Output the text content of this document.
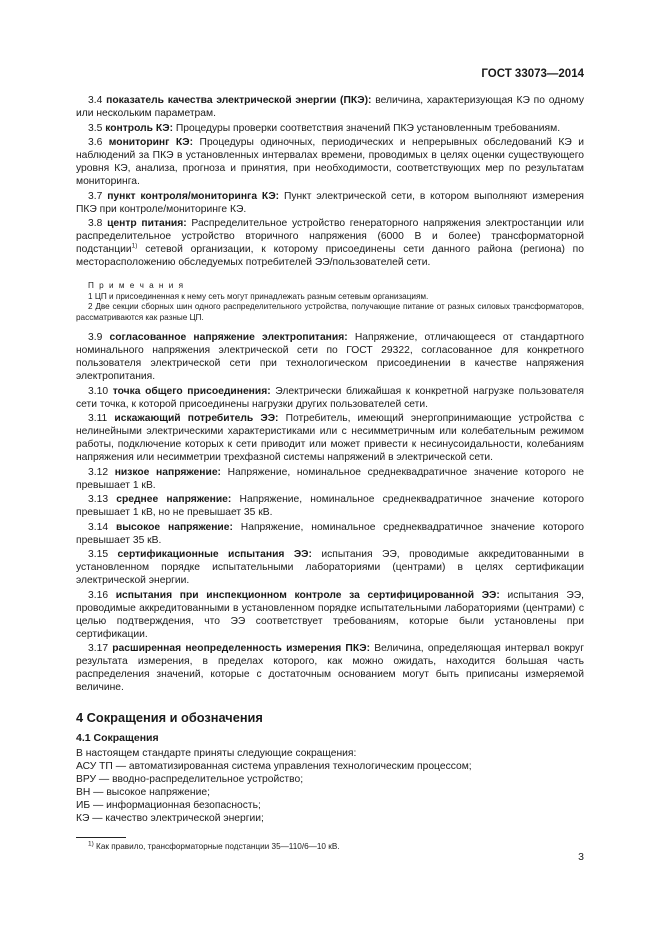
ГОСТ 33073—2014

3.4 показатель качества электрической энергии (ПКЭ): величина, характеризующая КЭ по одному или нескольким параметрам.

3.5 контроль КЭ: Процедуры проверки соответствия значений ПКЭ установленным требованиям.

3.6 мониторинг КЭ: Процедуры одиночных, периодических и непрерывных обследований КЭ и наблюдений за ПКЭ в установленных интервалах времени, проводимых в целях оценки существующего уровня КЭ, анализа, прогноза и принятия, при необходимости, соответствующих мер по результатам мониторинга.

3.7 пункт контроля/мониторинга КЭ: Пункт электрической сети, в котором выполняют измерения ПКЭ при контроле/мониторинге КЭ.

3.8 центр питания: Распределительное устройство генераторного напряжения электростанции или распределительное устройство вторичного напряжения (6000 В и более) трансформаторной подстанции$^{1)}$ сетевой организации, к которому присоединены сети данного района (региона) по месторасположению обследуемых потребителей ЭЭ/пользователей сети.

П р и м е ч а н и я

1 ЦП и присоединенная к нему сеть могут принадлежать разным сетевым организациям.

2 Две секции сборных шин одного распределительного устройства, получающие питание от разных силовых трансформаторов, рассматриваются как разные ЦП.

3.9 согласованное напряжение электропитания: Напряжение, отличающееся от стандартного номинального напряжения электрической сети по ГОСТ 29322, согласованное для конкретного пользователя электрической сети при технологическом присоединении в качестве напряжения электропитания.

3.10 точка общего присоединения: Электрически ближайшая к конкретной нагрузке пользователя сети точка, к которой присоединены нагрузки других пользователей сети.

3.11 искажающий потребитель ЭЭ: Потребитель, имеющий энергопринимающие устройства с нелинейными электрическими характеристиками или с несимметричным или колебательным режимом работы, подключение которых к сети приводит или может привести к несинусоидальности, колебаниям напряжения или несимметрии трехфазной системы напряжений в электрической сети.

3.12 низкое напряжение: Напряжение, номинальное среднеквадратичное значение которого не превышает 1 кВ.

3.13 среднее напряжение: Напряжение, номинальное среднеквадратичное значение которого превышает 1 кВ, но не превышает 35 кВ.

3.14 высокое напряжение: Напряжение, номинальное среднеквадратичное значение которого превышает 35 кВ.

3.15 сертификационные испытания ЭЭ: испытания ЭЭ, проводимые аккредитованными в установленном порядке испытательными лабораториями (центрами) в целях сертификации электрической энергии.

3.16 испытания при инспекционном контроле за сертифицированной ЭЭ: испытания ЭЭ, проводимые аккредитованными в установленном порядке испытательными лабораториями (центрами) с целью подтверждения, что ЭЭ соответствует требованиям, которые были установлены при сертификации.

3.17 расширенная неопределенность измерения ПКЭ: Величина, определяющая интервал вокруг результата измерения, в пределах которого, как можно ожидать, находится большая часть распределения значений, которые с достаточным основанием могут быть приписаны измеряемой величине.

4 Сокращения и обозначения
4.1 Сокращения

В настоящем стандарте приняты следующие сокращения:

АСУ ТП — автоматизированная система управления технологическим процессом;

ВРУ — вводно-распределительное устройство;

ВН — высокое напряжение;

ИБ — информационная безопасность;

КЭ — качество электрической энергии;

$^{1)}$ Как правило, трансформаторные подстанции 35—110/6—10 кВ.

3
